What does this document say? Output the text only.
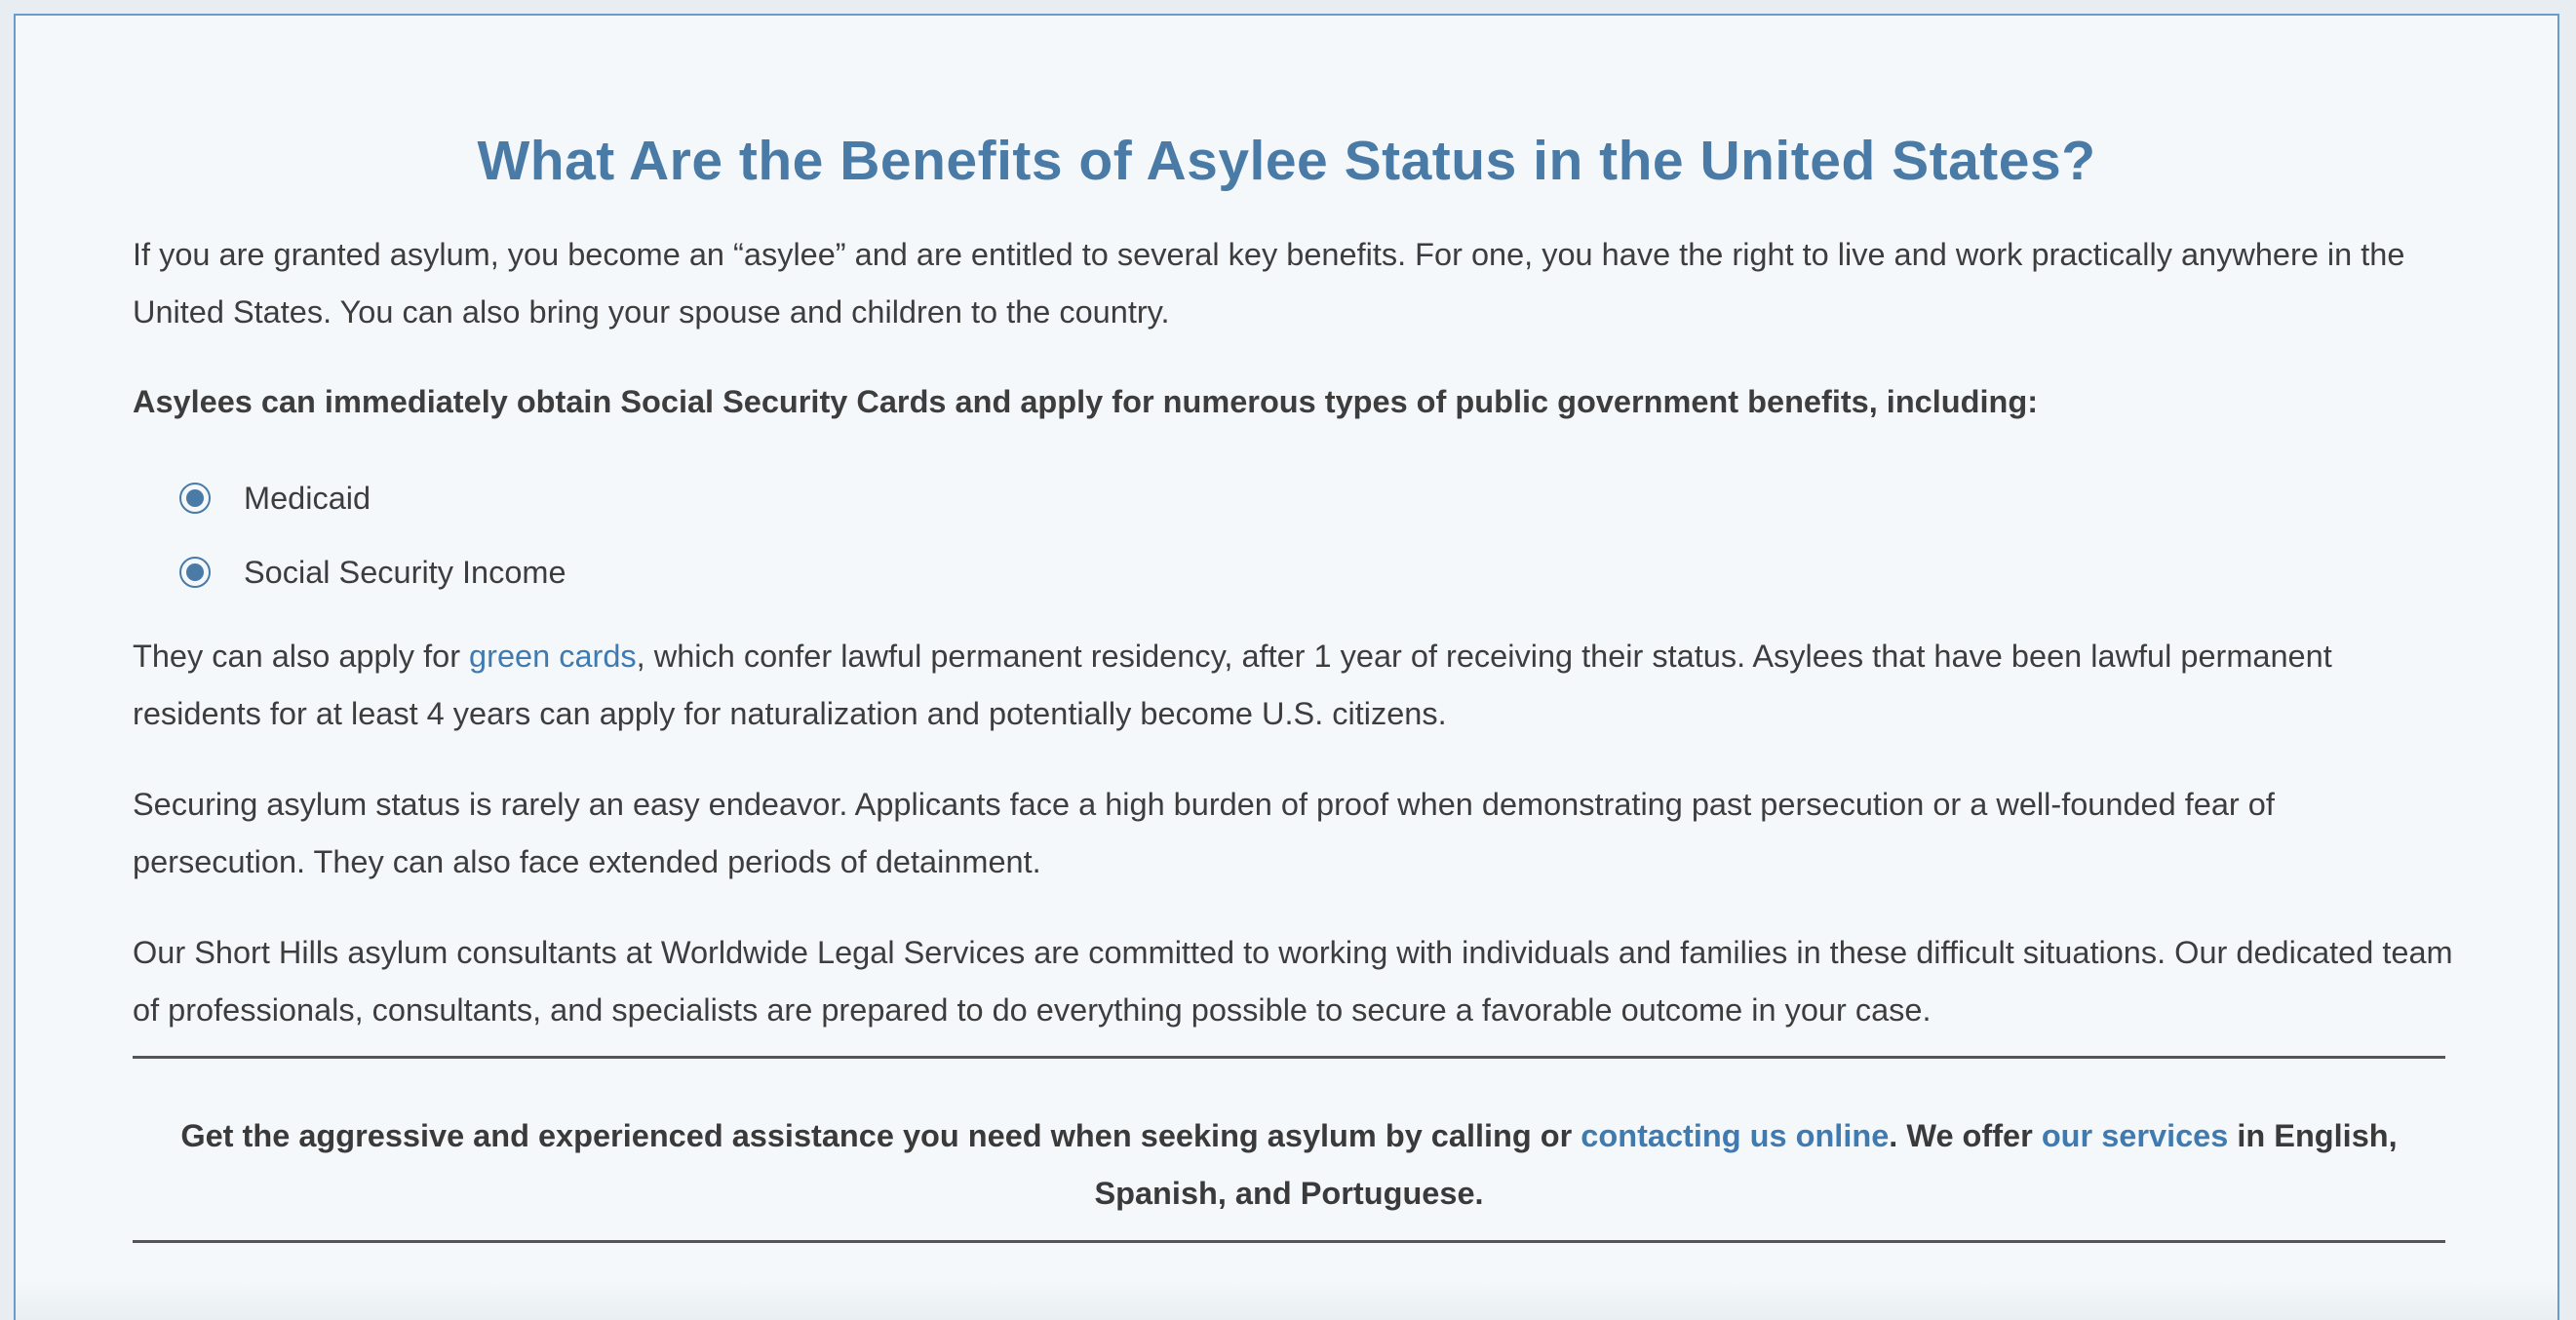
What Are the Benefits of Asylee Status in the United States?

If you are granted asylum, you become an “asylee” and are entitled to several key benefits. For one, you have the right to live and work practically anywhere in the United States. You can also bring your spouse and children to the country.

Asylees can immediately obtain Social Security Cards and apply for numerous types of public government benefits, including:

Medicaid
Social Security Income

They can also apply for green cards, which confer lawful permanent residency, after 1 year of receiving their status. Asylees that have been lawful permanent residents for at least 4 years can apply for naturalization and potentially become U.S. citizens.

Securing asylum status is rarely an easy endeavor. Applicants face a high burden of proof when demonstrating past persecution or a well-founded fear of persecution. They can also face extended periods of detainment.

Our Short Hills asylum consultants at Worldwide Legal Services are committed to working with individuals and families in these difficult situations. Our dedicated team of professionals, consultants, and specialists are prepared to do everything possible to secure a favorable outcome in your case.

Get the aggressive and experienced assistance you need when seeking asylum by calling or contacting us online. We offer our services in English, Spanish, and Portuguese.
